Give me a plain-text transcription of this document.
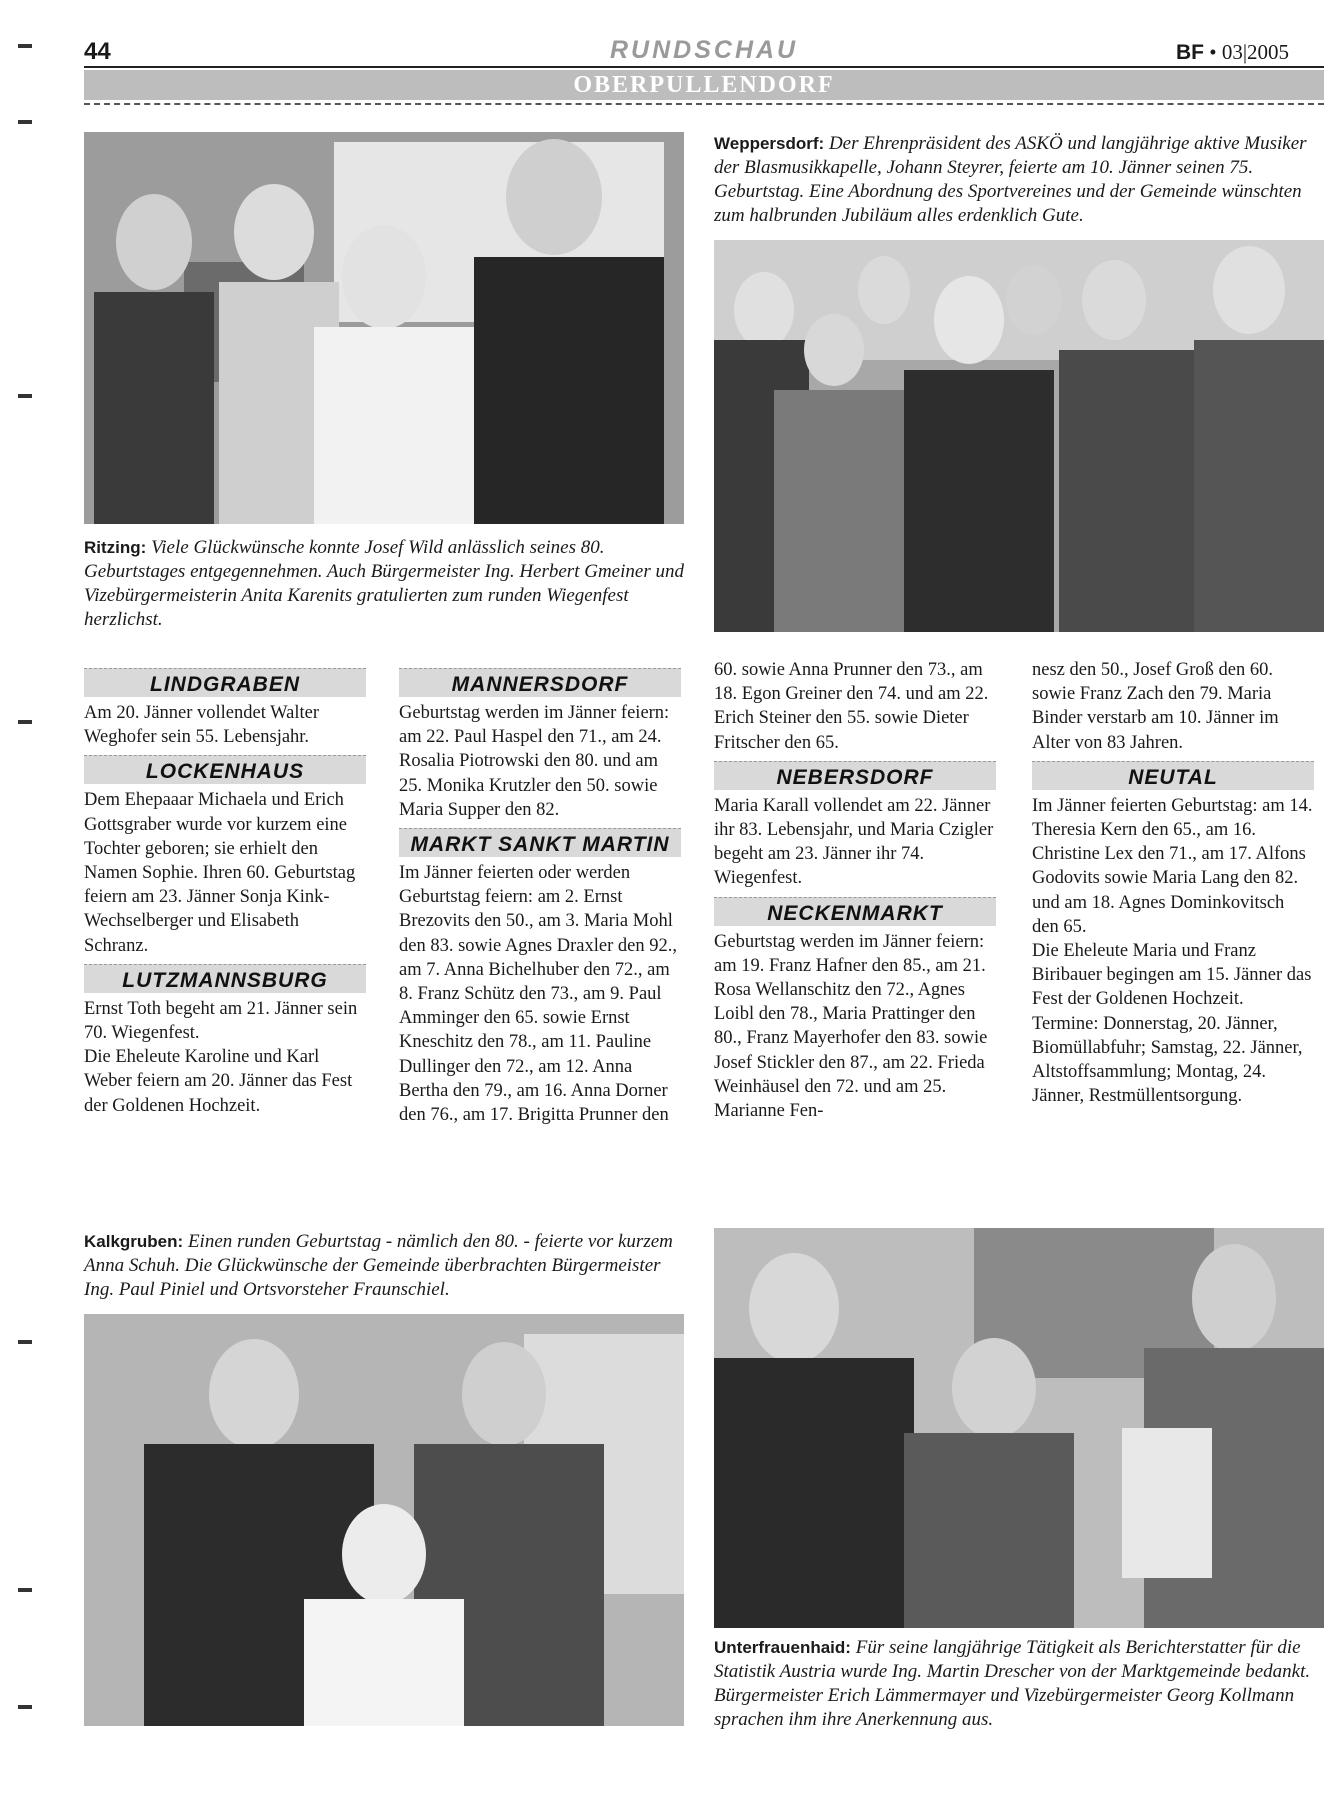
44	RUNDSCHAU	BF • 03|2005
OBERPULLENDORF
Ritzing: Viele Glückwünsche konnte Josef Wild anlässlich seines 80. Geburtstages entgegennehmen. Auch Bürgermeister Ing. Herbert Gmeiner und Vizebürgermeisterin Anita Karenits gratulierten zum runden Wiegenfest herzlichst.
Weppersdorf: Der Ehrenpräsident des ASKÖ und langjährige aktive Musiker der Blasmusikkapelle, Johann Steyrer, feierte am 10. Jänner seinen 75. Geburtstag. Eine Abordnung des Sportvereines und der Gemeinde wünschten zum halbrunden Jubiläum alles erdenklich Gute.
LINDGRABEN

Am 20. Jänner vollendet Walter Weghofer sein 55. Lebensjahr.

LOCKENHAUS

Dem Ehepaaar Michaela und Erich Gottsgraber wurde vor kurzem eine Tochter geboren; sie erhielt den Namen Sophie. Ihren 60. Geburtstag feiern am 23. Jänner Sonja Kink-Wechselberger und Elisabeth Schranz.

LUTZMANNSBURG

Ernst Toth begeht am 21. Jänner sein 70. Wiegenfest.

Die Eheleute Karoline und Karl Weber feiern am 20. Jänner das Fest der Goldenen Hochzeit.

MANNERSDORF

Geburtstag werden im Jänner feiern: am 22. Paul Haspel den 71., am 24. Rosalia Piotrowski den 80. und am 25. Monika Krutzler den 50. sowie Maria Supper den 82.

MARKT SANKT MARTIN

Im Jänner feierten oder werden Geburtstag feiern: am 2. Ernst Brezovits den 50., am 3. Maria Mohl den 83. sowie Agnes Draxler den 92., am 7. Anna Bichelhuber den 72., am 8. Franz Schütz den 73., am 9. Paul Amminger den 65. sowie Ernst Kneschitz den 78., am 11. Pauline Dullinger den 72., am 12. Anna Bertha den 79., am 16. Anna Dorner den 76., am 17. Brigitta Prunner den

60. sowie Anna Prunner den 73., am 18. Egon Greiner den 74. und am 22. Erich Steiner den 55. sowie Dieter Fritscher den 65.

NEBERSDORF

Maria Karall vollendet am 22. Jänner ihr 83. Lebensjahr, und Maria Czigler begeht am 23. Jänner ihr 74. Wiegenfest.

NECKENMARKT

Geburtstag werden im Jänner feiern: am 19. Franz Hafner den 85., am 21. Rosa Wellanschitz den 72., Agnes Loibl den 78., Maria Prattinger den 80., Franz Mayerhofer den 83. sowie Josef Stickler den 87., am 22. Frieda Weinhäusel den 72. und am 25. Marianne Fen-

nesz den 50., Josef Groß den 60. sowie Franz Zach den 79. Maria Binder verstarb am 10. Jänner im Alter von 83 Jahren.

NEUTAL

Im Jänner feierten Geburtstag: am 14. Theresia Kern den 65., am 16. Christine Lex den 71., am 17. Alfons Godovits sowie Maria Lang den 82. und am 18. Agnes Dominkovitsch den 65.

Die Eheleute Maria und Franz Biribauer begingen am 15. Jänner das Fest der Goldenen Hochzeit.

Termine: Donnerstag, 20. Jänner, Biomüllabfuhr; Samstag, 22. Jänner, Altstoffsammlung; Montag, 24. Jänner, Restmüllentsorgung.

Kalkgruben: Einen runden Geburtstag - nämlich den 80. - feierte vor kurzem Anna Schuh. Die Glückwünsche der Gemeinde überbrachten Bürgermeister Ing. Paul Piniel und Ortsvorsteher Fraunschiel.
Unterfrauenhaid: Für seine langjährige Tätigkeit als Berichterstatter für die Statistik Austria wurde Ing. Martin Drescher von der Marktgemeinde bedankt. Bürgermeister Erich Lämmermayer und Vizebürgermeister Georg Kollmann sprachen ihm ihre Anerkennung aus.
